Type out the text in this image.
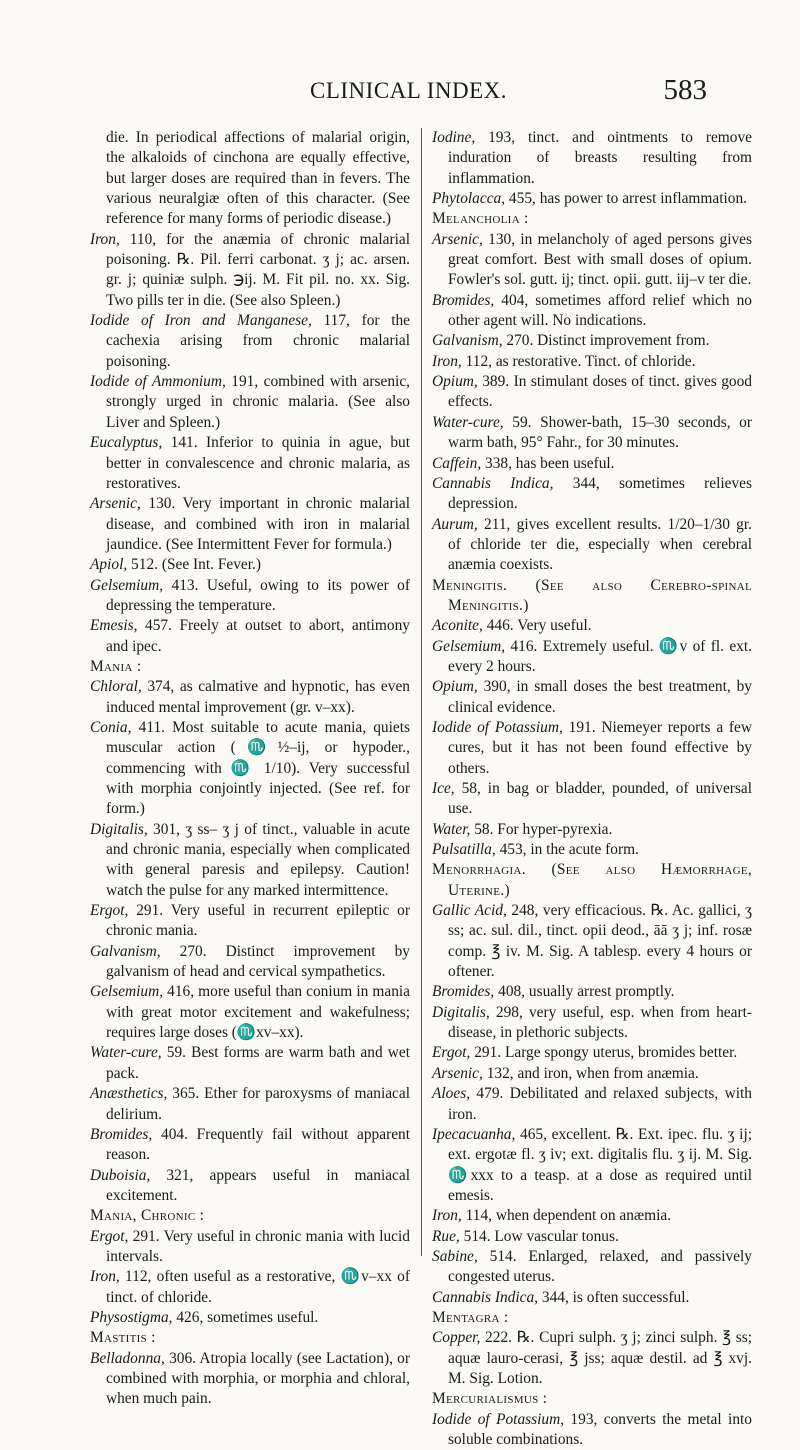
CLINICAL INDEX.	583

die. In periodical affections of malarial origin, the alkaloids of cinchona are equally effective, but larger doses are required than in fevers. The various neuralgiæ often of this character. (See reference for many forms of periodic disease.)

Iron, 110, for the anæmia of chronic malarial poisoning. ℞. Pil. ferri carbonat. ʒ j; ac. arsen. gr. j; quiniæ sulph. ℈ij. M. Fit pil. no. xx. Sig. Two pills ter in die. (See also Spleen.)

Iodide of Iron and Manganese, 117, for the cachexia arising from chronic malarial poisoning.

Iodide of Ammonium, 191, combined with arsenic, strongly urged in chronic malaria. (See also Liver and Spleen.)

Eucalyptus, 141. Inferior to quinia in ague, but better in convalescence and chronic malaria, as restoratives.

Arsenic, 130. Very important in chronic malarial disease, and combined with iron in malarial jaundice. (See Intermittent Fever for formula.)

Apiol, 512. (See Int. Fever.)

Gelsemium, 413. Useful, owing to its power of depressing the temperature.

Emesis, 457. Freely at outset to abort, antimony and ipec.

Mania :

Chloral, 374, as calmative and hypnotic, has even induced mental improvement (gr. v–xx).

Conia, 411. Most suitable to acute mania, quiets muscular action (♏½–ij, or hypoder., commencing with ♏ 1/10). Very successful with morphia conjointly injected. (See ref. for form.)

Digitalis, 301, ʒ ss– ʒ j of tinct., valuable in acute and chronic mania, especially when complicated with general paresis and epilepsy. Caution! watch the pulse for any marked intermittence.

Ergot, 291. Very useful in recurrent epileptic or chronic mania.

Galvanism, 270. Distinct improvement by galvanism of head and cervical sympathetics.

Gelsemium, 416, more useful than conium in mania with great motor excitement and wakefulness; requires large doses (♏xv–xx).

Water-cure, 59. Best forms are warm bath and wet pack.

Anæsthetics, 365. Ether for paroxysms of maniacal delirium.

Bromides, 404. Frequently fail without apparent reason.

Duboisia, 321, appears useful in maniacal excitement.

Mania, Chronic :

Ergot, 291. Very useful in chronic mania with lucid intervals.

Iron, 112, often useful as a restorative, ♏v–xx of tinct. of chloride.

Physostigma, 426, sometimes useful.

Mastitis :

Belladonna, 306. Atropia locally (see Lactation), or combined with morphia, or morphia and chloral, when much pain.

Iodine, 193, tinct. and ointments to remove induration of breasts resulting from inflammation.

Phytolacca, 455, has power to arrest inflammation.

Melancholia :

Arsenic, 130, in melancholy of aged persons gives great comfort. Best with small doses of opium. Fowler's sol. gutt. ij; tinct. opii. gutt. iij–v ter die.

Bromides, 404, sometimes afford relief which no other agent will. No indications.

Galvanism, 270. Distinct improvement from.

Iron, 112, as restorative. Tinct. of chloride.

Opium, 389. In stimulant doses of tinct. gives good effects.

Water-cure, 59. Shower-bath, 15–30 seconds, or warm bath, 95° Fahr., for 30 minutes.

Caffein, 338, has been useful.

Cannabis Indica, 344, sometimes relieves depression.

Aurum, 211, gives excellent results. 1/20–1/30 gr. of chloride ter die, especially when cerebral anæmia coexists.

Meningitis. (See also Cerebro-spinal Meningitis.)

Aconite, 446. Very useful.

Gelsemium, 416. Extremely useful. ♏v of fl. ext. every 2 hours.

Opium, 390, in small doses the best treatment, by clinical evidence.

Iodide of Potassium, 191. Niemeyer reports a few cures, but it has not been found effective by others.

Ice, 58, in bag or bladder, pounded, of universal use.

Water, 58. For hyper-pyrexia.

Pulsatilla, 453, in the acute form.

Menorrhagia. (See also Hæmorrhage, Uterine.)

Gallic Acid, 248, very efficacious. ℞. Ac. gallici, ʒ ss; ac. sul. dil., tinct. opii deod., āā ʒ j; inf. rosæ comp. ℥ iv. M. Sig. A tablesp. every 4 hours or oftener.

Bromides, 408, usually arrest promptly.

Digitalis, 298, very useful, esp. when from heart-disease, in plethoric subjects.

Ergot, 291. Large spongy uterus, bromides better.

Arsenic, 132, and iron, when from anæmia.

Aloes, 479. Debilitated and relaxed subjects, with iron.

Ipecacuanha, 465, excellent. ℞. Ext. ipec. flu. ʒ ij; ext. ergotæ fl. ʒ iv; ext. digitalis flu. ʒ ij. M. Sig. ♏xxx to a teasp. at a dose as required until emesis.

Iron, 114, when dependent on anæmia.

Rue, 514. Low vascular tonus.

Sabine, 514. Enlarged, relaxed, and passively congested uterus.

Cannabis Indica, 344, is often successful.

Mentagra :

Copper, 222. ℞. Cupri sulph. ʒ j; zinci sulph. ℥ ss; aquæ lauro-cerasi, ℥ jss; aquæ destil. ad ℥ xvj. M. Sig. Lotion.

Mercurialismus :

Iodide of Potassium, 193, converts the metal into soluble combinations.
